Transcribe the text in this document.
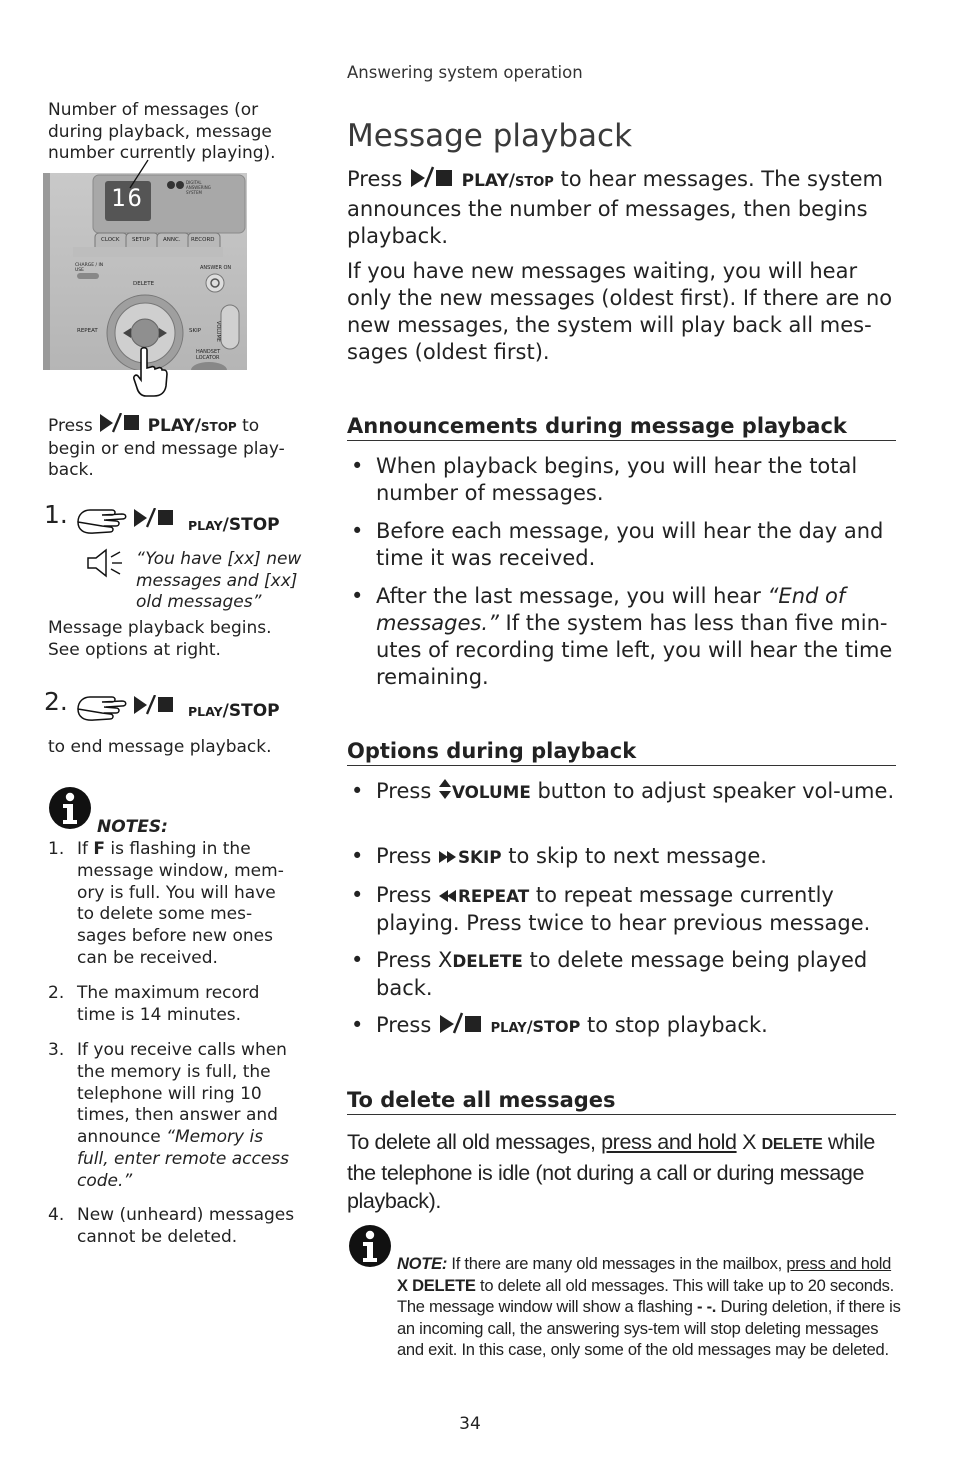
Answering system operation
Message playback
Press	PLAY/STOP to hear messages. The system announces the number of messages, then begins playback.
If you have new messages waiting, you will hear only the new messages (oldest first). If there are no new messages, the system will play back all mes-sages (oldest first).
Announcements during message playback
• When playback begins, you will hear the total number of messages.
• Before each message, you will hear the day and time it was received.
• After the last message, you will hear “End of messages.” If the system has less than five min-utes of recording time left, you will hear the time remaining.
Options during playback
• Press VOLUME button to adjust speaker vol-ume.
• Press SKIP to skip to next message.
• Press REPEAT to repeat message currently playing. Press twice to hear previous message.
• Press XDELETE to delete message being played back.
• Press	PLAY/STOP to stop playback.
To delete all messages
To delete all old messages, press and hold X DELETE while the telephone is idle (not during a call or during message playback).
NOTE: If there are many old messages in the mailbox, press and hold X DELETE to delete all old messages. This will take up to 20 seconds. The message window will show a flashing - -. During deletion, if there is an incoming call, the answering sys-tem will stop deleting messages and exit. In this case, only some of the old messages may be deleted.
Number of messages (or during playback, message number currently playing).
16
DIGITAL
ANSWERING
SYSTEM
CLOCK SETUP ANNC. RECORD
CHARGE / IN USE
DELETE
ANSWER ON
REPEAT	SKIP	VOLUME
HANDSET
LOCATOR
Press	PLAY/STOP to begin or end message play-back.
1.	PLAY/STOP
“You have [xx] new messages and [xx] old messages”
Message playback begins. See options at right.
2.	PLAY/STOP
to end message playback.
NOTES:
1. If F is flashing in the message window, mem-ory is full. You will have to delete some mes-sages before new ones can be received.
2. The maximum record time is 14 minutes.
3. If you receive calls when the memory is full, the telephone will ring 10 times, then answer and announce “Memory is full, enter remote access code.”
4. New (unheard) messages cannot be deleted.
34
